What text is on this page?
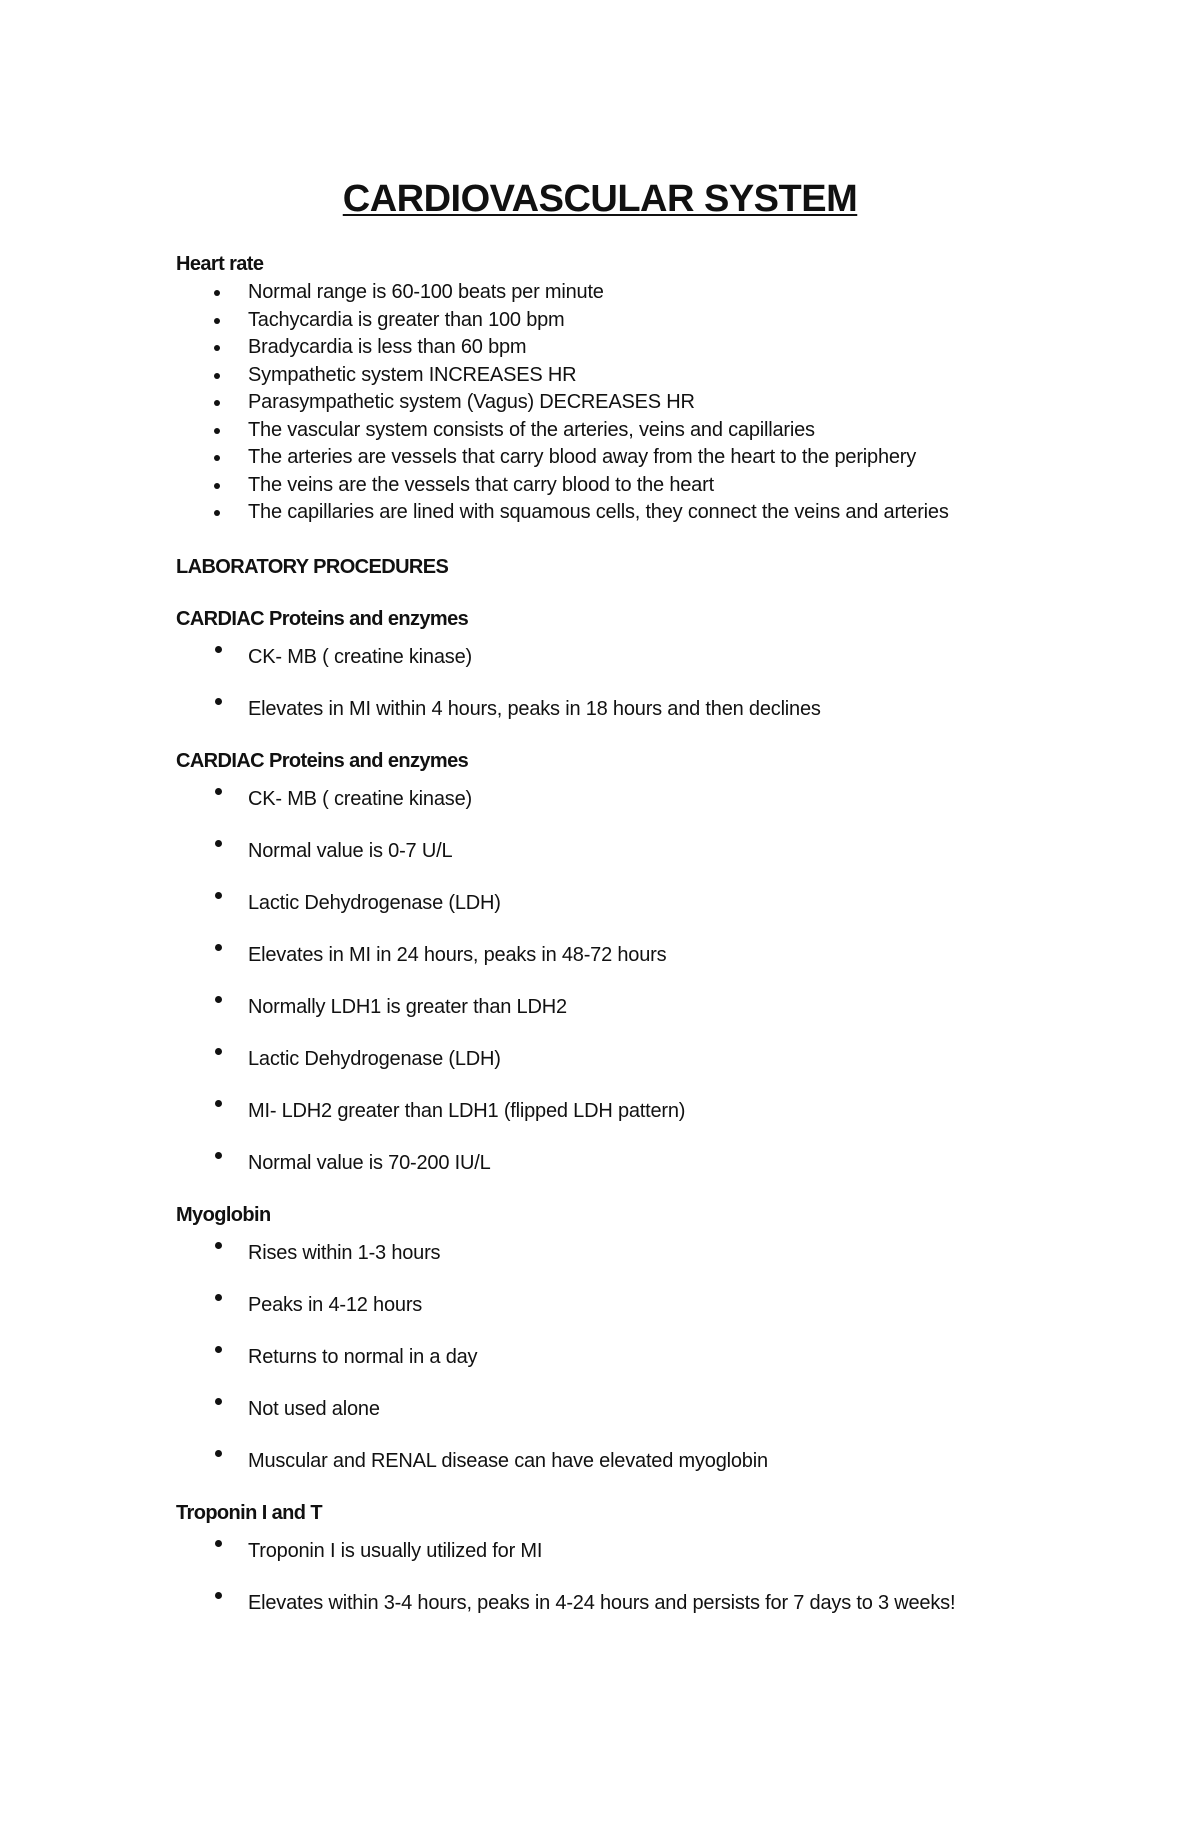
CARDIOVASCULAR SYSTEM
Heart rate
Normal range is 60-100 beats per minute
Tachycardia is greater than 100 bpm
Bradycardia is less than 60 bpm
Sympathetic system INCREASES HR
Parasympathetic system (Vagus) DECREASES HR
The vascular system consists of the arteries, veins and capillaries
The arteries are vessels that carry blood away from the heart to the periphery
The veins are the vessels that carry blood to the heart
The capillaries are lined with squamous cells, they connect the veins and arteries
LABORATORY PROCEDURES
CARDIAC Proteins and enzymes
CK- MB ( creatine kinase)
Elevates in MI within 4 hours, peaks in 18 hours and then declines
CARDIAC Proteins and enzymes
CK- MB ( creatine kinase)
Normal value is 0-7 U/L
Lactic Dehydrogenase (LDH)
Elevates in MI in 24 hours, peaks in 48-72 hours
Normally LDH1 is greater than LDH2
Lactic Dehydrogenase (LDH)
MI- LDH2 greater than LDH1 (flipped LDH pattern)
Normal value is 70-200 IU/L
Myoglobin
Rises within 1-3 hours
Peaks in 4-12 hours
Returns to normal in a day
Not used alone
Muscular and RENAL disease can have elevated myoglobin
Troponin I and T
Troponin I is usually utilized for MI
Elevates within 3-4 hours, peaks in 4-24 hours and persists for 7 days to 3 weeks!
